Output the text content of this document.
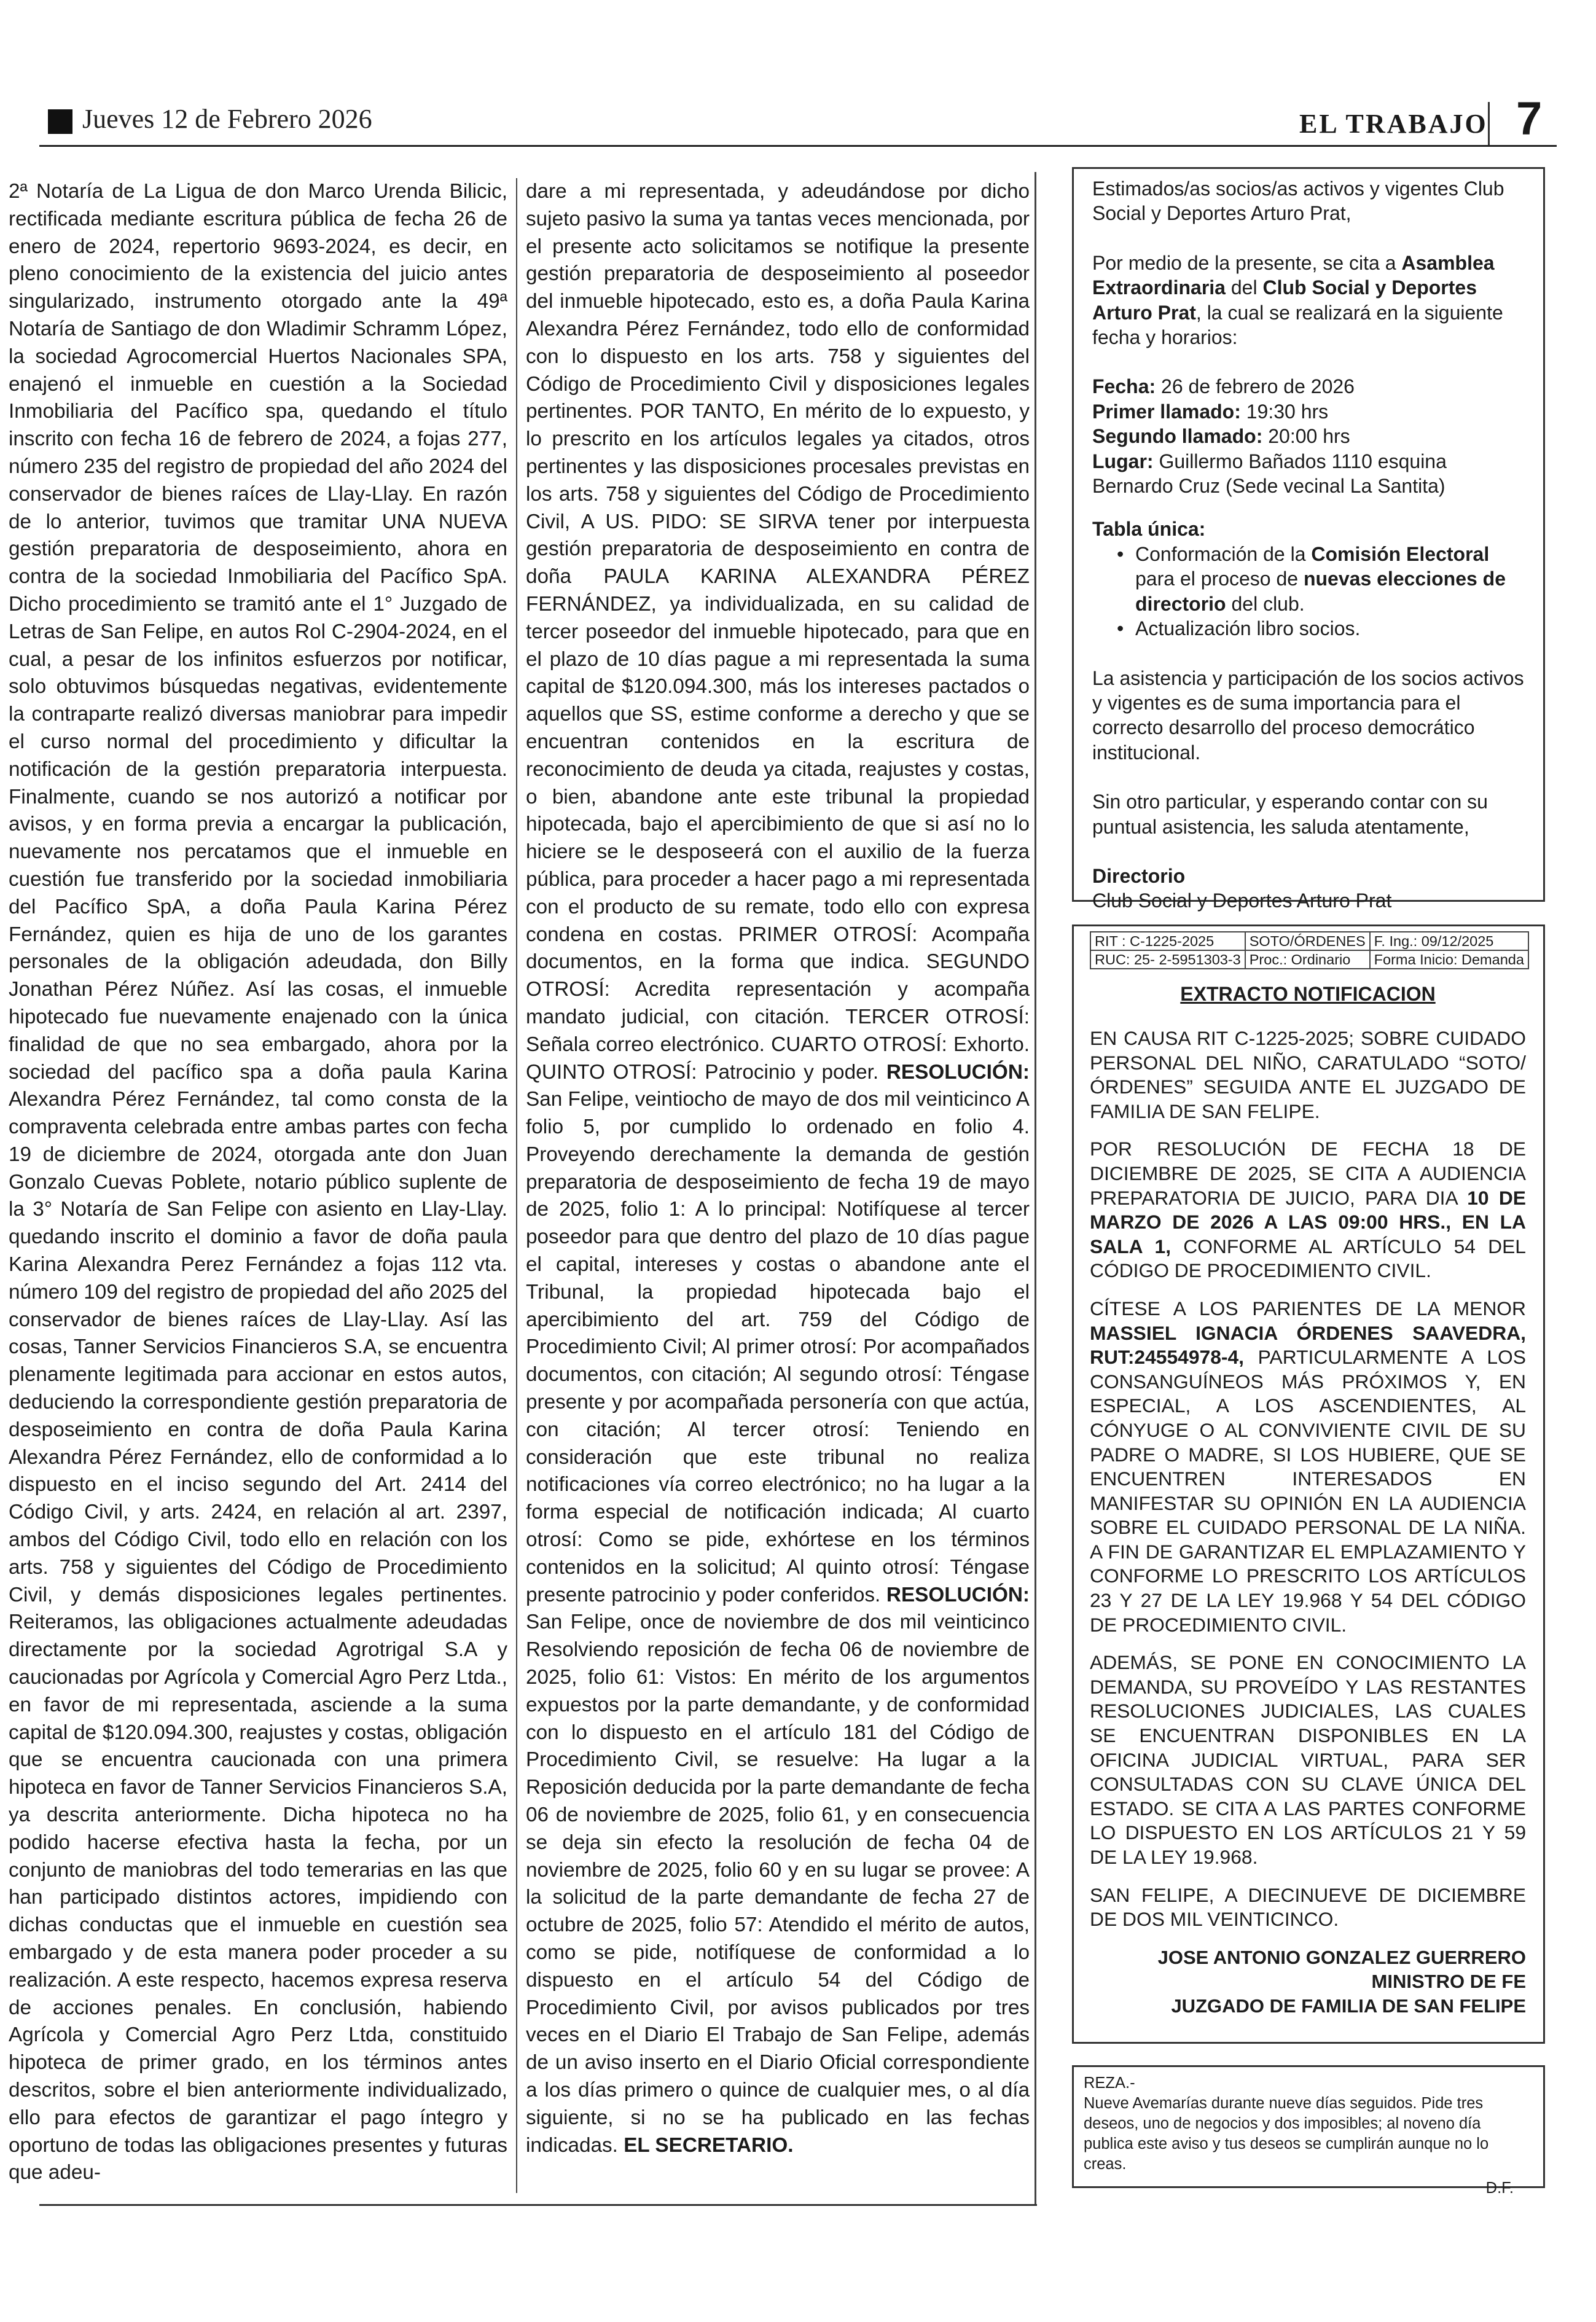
Jueves 12 de Febrero 2026	EL TRABAJO 7

2ª Notaría de La Ligua de don Marco Urenda Bilicic, rectificada mediante escritura pública de fecha 26 de enero de 2024, repertorio 9693-2024, es decir, en pleno conocimiento de la existencia del juicio antes singularizado, instrumento otorgado ante la 49ª Notaría de Santiago de don Wladimir Schramm López, la sociedad Agrocomercial Huertos Nacionales SPA, enajenó el inmueble en cuestión a la Sociedad Inmobiliaria del Pacífico spa, quedando el título inscrito con fecha 16 de febrero de 2024, a fojas 277, número 235 del registro de propiedad del año 2024 del conservador de bienes raíces de Llay-Llay. En razón de lo anterior, tuvimos que tramitar UNA NUEVA gestión preparatoria de desposeimiento, ahora en contra de la sociedad Inmobiliaria del Pacífico SpA. Dicho procedimiento se tramitó ante el 1° Juzgado de Letras de San Felipe, en autos Rol C-2904-2024, en el cual, a pesar de los infinitos esfuerzos por notificar, solo obtuvimos búsquedas negativas, evidentemente la contraparte realizó diversas maniobrar para impedir el curso normal del procedimiento y dificultar la notificación de la gestión preparatoria interpuesta. Finalmente, cuando se nos autorizó a notificar por avisos, y en forma previa a encargar la publicación, nuevamente nos percatamos que el inmueble en cuestión fue transferido por la sociedad inmobiliaria del Pacífico SpA, a doña Paula Karina Pérez Fernández, quien es hija de uno de los garantes personales de la obligación adeudada, don Billy Jonathan Pérez Núñez. Así las cosas, el inmueble hipotecado fue nuevamente enajenado con la única finalidad de que no sea embargado, ahora por la sociedad del pacífico spa a doña paula Karina Alexandra Pérez Fernández, tal como consta de la compraventa celebrada entre ambas partes con fecha 19 de diciembre de 2024, otorgada ante don Juan Gonzalo Cuevas Poblete, notario público suplente de la 3° Notaría de San Felipe con asiento en Llay-Llay. quedando inscrito el dominio a favor de doña paula Karina Alexandra Perez Fernández a fojas 112 vta. número 109 del registro de propiedad del año 2025 del conservador de bienes raíces de Llay-Llay. Así las cosas, Tanner Servicios Financieros S.A, se encuentra plenamente legitimada para accionar en estos autos, deduciendo la correspondiente gestión preparatoria de desposeimiento en contra de doña Paula Karina Alexandra Pérez Fernández, ello de conformidad a lo dispuesto en el inciso segundo del Art. 2414 del Código Civil, y arts. 2424, en relación al art. 2397, ambos del Código Civil, todo ello en relación con los arts. 758 y siguientes del Código de Procedimiento Civil, y demás disposiciones legales pertinentes. Reiteramos, las obligaciones actualmente adeudadas directamente por la sociedad Agrotrigal S.A y caucionadas por Agrícola y Comercial Agro Perz Ltda., en favor de mi representada, asciende a la suma capital de $120.094.300, reajustes y costas, obligación que se encuentra caucionada con una primera hipoteca en favor de Tanner Servicios Financieros S.A, ya descrita anteriormente. Dicha hipoteca no ha podido hacerse efectiva hasta la fecha, por un conjunto de maniobras del todo temerarias en las que han participado distintos actores, impidiendo con dichas conductas que el inmueble en cuestión sea embargado y de esta manera poder proceder a su realización. A este respecto, hacemos expresa reserva de acciones penales. En conclusión, habiendo Agrícola y Comercial Agro Perz Ltda, constituido hipoteca de primer grado, en los términos antes descritos, sobre el bien anteriormente individualizado, ello para efectos de garantizar el pago íntegro y oportuno de todas las obligaciones presentes y futuras que adeu-

dare a mi representada, y adeudándose por dicho sujeto pasivo la suma ya tantas veces mencionada, por el presente acto solicitamos se notifique la presente gestión preparatoria de desposeimiento al poseedor del inmueble hipotecado, esto es, a doña Paula Karina Alexandra Pérez Fernández, todo ello de conformidad con lo dispuesto en los arts. 758 y siguientes del Código de Procedimiento Civil y disposiciones legales pertinentes. POR TANTO, En mérito de lo expuesto, y lo prescrito en los artículos legales ya citados, otros pertinentes y las disposiciones procesales previstas en los arts. 758 y siguientes del Código de Procedimiento Civil, A US. PIDO: SE SIRVA tener por interpuesta gestión preparatoria de desposeimiento en contra de doña PAULA KARINA ALEXANDRA PÉREZ FERNÁNDEZ, ya individualizada, en su calidad de tercer poseedor del inmueble hipotecado, para que en el plazo de 10 días pague a mi representada la suma capital de $120.094.300, más los intereses pactados o aquellos que SS, estime conforme a derecho y que se encuentran contenidos en la escritura de reconocimiento de deuda ya citada, reajustes y costas, o bien, abandone ante este tribunal la propiedad hipotecada, bajo el apercibimiento de que si así no lo hiciere se le desposeerá con el auxilio de la fuerza pública, para proceder a hacer pago a mi representada con el producto de su remate, todo ello con expresa condena en costas. PRIMER OTROSÍ: Acompaña documentos, en la forma que indica. SEGUNDO OTROSÍ: Acredita representación y acompaña mandato judicial, con citación. TERCER OTROSÍ: Señala correo electrónico. CUARTO OTROSÍ: Exhorto. QUINTO OTROSÍ: Patrocinio y poder. RESOLUCIÓN: San Felipe, veintiocho de mayo de dos mil veinticinco A folio 5, por cumplido lo ordenado en folio 4. Proveyendo derechamente la demanda de gestión preparatoria de desposeimiento de fecha 19 de mayo de 2025, folio 1: A lo principal: Notifíquese al tercer poseedor para que dentro del plazo de 10 días pague el capital, intereses y costas o abandone ante el Tribunal, la propiedad hipotecada bajo el apercibimiento del art. 759 del Código de Procedimiento Civil; Al primer otrosí: Por acompañados documentos, con citación; Al segundo otrosí: Téngase presente y por acompañada personería con que actúa, con citación; Al tercer otrosí: Teniendo en consideración que este tribunal no realiza notificaciones vía correo electrónico; no ha lugar a la forma especial de notificación indicada; Al cuarto otrosí: Como se pide, exhórtese en los términos contenidos en la solicitud; Al quinto otrosí: Téngase presente patrocinio y poder conferidos. RESOLUCIÓN: San Felipe, once de noviembre de dos mil veinticinco Resolviendo reposición de fecha 06 de noviembre de 2025, folio 61: Vistos: En mérito de los argumentos expuestos por la parte demandante, y de conformidad con lo dispuesto en el artículo 181 del Código de Procedimiento Civil, se resuelve: Ha lugar a la Reposición deducida por la parte demandante de fecha 06 de noviembre de 2025, folio 61, y en consecuencia se deja sin efecto la resolución de fecha 04 de noviembre de 2025, folio 60 y en su lugar se provee: A la solicitud de la parte demandante de fecha 27 de octubre de 2025, folio 57: Atendido el mérito de autos, como se pide, notifíquese de conformidad a lo dispuesto en el artículo 54 del Código de Procedimiento Civil, por avisos publicados por tres veces en el Diario El Trabajo de San Felipe, además de un aviso inserto en el Diario Oficial correspondiente a los días primero o quince de cualquier mes, o al día siguiente, si no se ha publicado en las fechas indicadas. EL SECRETARIO.

Estimados/as socios/as activos y vigentes Club Social y Deportes Arturo Prat,

Por medio de la presente, se cita a Asamblea Extraordinaria del Club Social y Deportes Arturo Prat, la cual se realizará en la siguiente fecha y horarios:

Fecha: 26 de febrero de 2026

Primer llamado: 19:30 hrs

Segundo llamado: 20:00 hrs

Lugar: Guillermo Bañados 1110 esquina Bernardo Cruz (Sede vecinal La Santita)

Tabla única:

• Conformación de la Comisión Electoral para el proceso de nuevas elecciones de directorio del club.
• Actualización libro socios.

La asistencia y participación de los socios activos y vigentes es de suma importancia para el correcto desarrollo del proceso democrático institucional.

Sin otro particular, y esperando contar con su puntual asistencia, les saluda atentamente,

Directorio

Club Social y Deportes Arturo Prat

RIT : C-1225-2025	SOTO/ÓRDENES	F. Ing.: 09/12/2025
RUC: 25- 2-5951303-3	Proc.: Ordinario	Forma Inicio: Demanda
EXTRACTO NOTIFICACION

EN CAUSA RIT C-1225-2025; SOBRE CUIDADO PERSONAL DEL NIÑO, CARATULADO “SOTO/ÓRDENES” SEGUIDA ANTE EL JUZGADO DE FAMILIA DE SAN FELIPE.

POR RESOLUCIÓN DE FECHA 18 DE DICIEMBRE DE 2025, SE CITA A AUDIENCIA PREPARATORIA DE JUICIO, PARA DIA 10 DE MARZO DE 2026 A LAS 09:00 HRS., EN LA SALA 1, CONFORME AL ARTÍCULO 54 DEL CÓDIGO DE PROCEDIMIENTO CIVIL.

CÍTESE A LOS PARIENTES DE LA MENOR MASSIEL IGNACIA ÓRDENES SAAVEDRA, RUT:24554978-4, PARTICULARMENTE A LOS CONSANGUÍNEOS MÁS PRÓXIMOS Y, EN ESPECIAL, A LOS ASCENDIENTES, AL CÓNYUGE O AL CONVIVIENTE CIVIL DE SU PADRE O MADRE, SI LOS HUBIERE, QUE SE ENCUENTREN INTERESADOS EN MANIFESTAR SU OPINIÓN EN LA AUDIENCIA SOBRE EL CUIDADO PERSONAL DE LA NIÑA. A FIN DE GARANTIZAR EL EMPLAZAMIENTO Y CONFORME LO PRESCRITO LOS ARTÍCULOS 23 Y 27 DE LA LEY 19.968 Y 54 DEL CÓDIGO DE PROCEDIMIENTO CIVIL.

ADEMÁS, SE PONE EN CONOCIMIENTO LA DEMANDA, SU PROVEÍDO Y LAS RESTANTES RESOLUCIONES JUDICIALES, LAS CUALES SE ENCUENTRAN DISPONIBLES EN LA OFICINA JUDICIAL VIRTUAL, PARA SER CONSULTADAS CON SU CLAVE ÚNICA DEL ESTADO. SE CITA A LAS PARTES CONFORME LO DISPUESTO EN LOS ARTÍCULOS 21 Y 59 DE LA LEY 19.968.

SAN FELIPE, A DIECINUEVE DE DICIEMBRE DE DOS MIL VEINTICINCO.

JOSE ANTONIO GONZALEZ GUERRERO

MINISTRO DE FE

JUZGADO DE FAMILIA DE SAN FELIPE

REZA.-

Nueve Avemarías durante nueve días seguidos. Pide tres deseos, uno de negocios y dos imposibles; al noveno día publica este aviso y tus deseos se cumplirán aunque no lo creas.

D.F.
